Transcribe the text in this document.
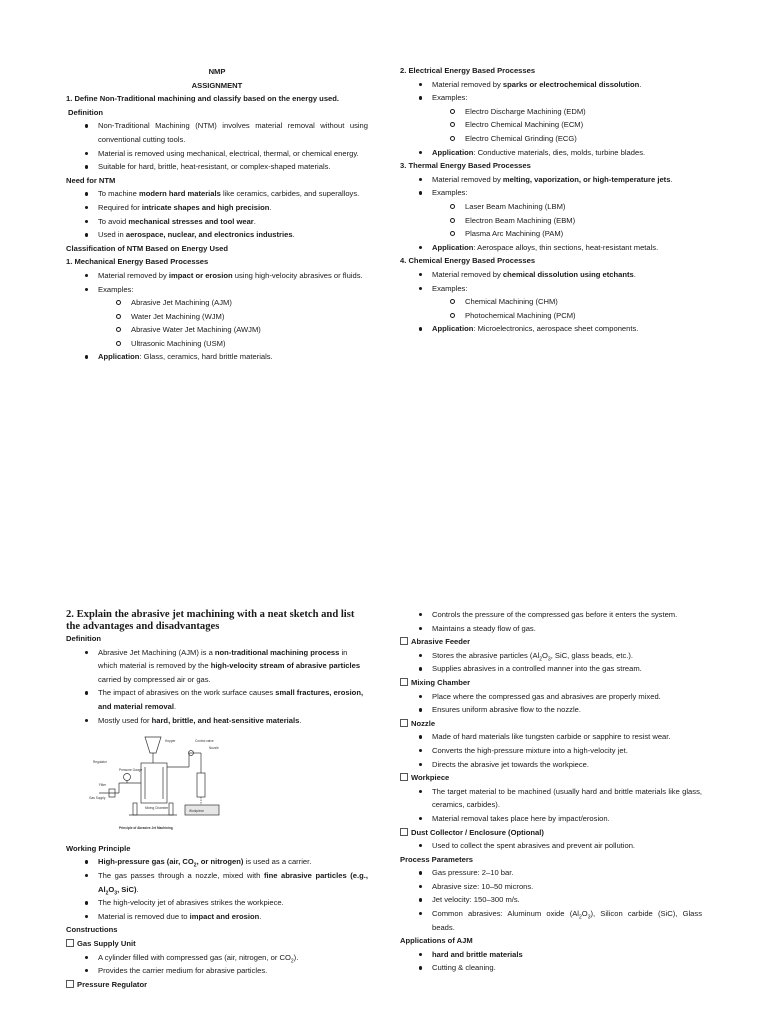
NMP
ASSIGNMENT
1. Define Non-Traditional machining and classify based on the energy used.
Definition
Non-Traditional Machining (NTM) involves material removal without using conventional cutting tools.
Material is removed using mechanical, electrical, thermal, or chemical energy.
Suitable for hard, brittle, heat-resistant, or complex-shaped materials.
Need for NTM
To machine modern hard materials like ceramics, carbides, and superalloys.
Required for intricate shapes and high precision.
To avoid mechanical stresses and tool wear.
Used in aerospace, nuclear, and electronics industries.
Classification of NTM Based on Energy Used
1. Mechanical Energy Based Processes
Material removed by impact or erosion using high-velocity abrasives or fluids.
Examples:
Abrasive Jet Machining (AJM)
Water Jet Machining (WJM)
Abrasive Water Jet Machining (AWJM)
Ultrasonic Machining (USM)
Application: Glass, ceramics, hard brittle materials.
2. Electrical Energy Based Processes
Material removed by sparks or electrochemical dissolution.
Examples:
Electro Discharge Machining (EDM)
Electro Chemical Machining (ECM)
Electro Chemical Grinding (ECG)
Application: Conductive materials, dies, molds, turbine blades.
3. Thermal Energy Based Processes
Material removed by melting, vaporization, or high-temperature jets.
Examples:
Laser Beam Machining (LBM)
Electron Beam Machining (EBM)
Plasma Arc Machining (PAM)
Application: Aerospace alloys, thin sections, heat-resistant metals.
4. Chemical Energy Based Processes
Material removed by chemical dissolution using etchants.
Examples:
Chemical Machining (CHM)
Photochemical Machining (PCM)
Application: Microelectronics, aerospace sheet components.
2. Explain the abrasive jet machining with a neat sketch and list the advantages and disadvantages
Definition
Abrasive Jet Machining (AJM) is a non-traditional machining process in which material is removed by the high-velocity stream of abrasive particles carried by compressed air or gas.
The impact of abrasives on the work surface causes small fractures, erosion, and material removal.
Mostly used for hard, brittle, and heat-sensitive materials.
Hopper	Control valve
Nozzle
Regulator
Pressure Gauge
Filter
Gas Supply
Mixing Chamber
Workpiece
Principle of Abrasive Jet Machining
Working Principle
High-pressure gas (air, $CO_2$, or nitrogen) is used as a carrier.
The gas passes through a nozzle, mixed with fine abrasive particles (e.g., $Al_2O_3$, SiC).
The high-velocity jet of abrasives strikes the workpiece.
Material is removed due to impact and erosion.
Constructions
Gas Supply Unit
A cylinder filled with compressed gas (air, nitrogen, or $CO_2$).
Provides the carrier medium for abrasive particles.
Pressure Regulator
Controls the pressure of the compressed gas before it enters the system.
Maintains a steady flow of gas.
Abrasive Feeder
Stores the abrasive particles ($Al_2O_3$, SiC, glass beads, etc.).
Supplies abrasives in a controlled manner into the gas stream.
Mixing Chamber
Place where the compressed gas and abrasives are properly mixed.
Ensures uniform abrasive flow to the nozzle.
Nozzle
Made of hard materials like tungsten carbide or sapphire to resist wear.
Converts the high-pressure mixture into a high-velocity jet.
Directs the abrasive jet towards the workpiece.
Workpiece
The target material to be machined (usually hard and brittle materials like glass, ceramics, carbides).
Material removal takes place here by impact/erosion.
Dust Collector / Enclosure (Optional)
Used to collect the spent abrasives and prevent air pollution.
Process Parameters
Gas pressure: 2–10 bar.
Abrasive size: 10–50 microns.
Jet velocity: 150–300 m/s.
Common abrasives: Aluminum oxide $(Al_2O_3)$, Silicon carbide (SiC), Glass beads.
Applications of AJM
hard and brittle materials
Cutting & cleaning.
